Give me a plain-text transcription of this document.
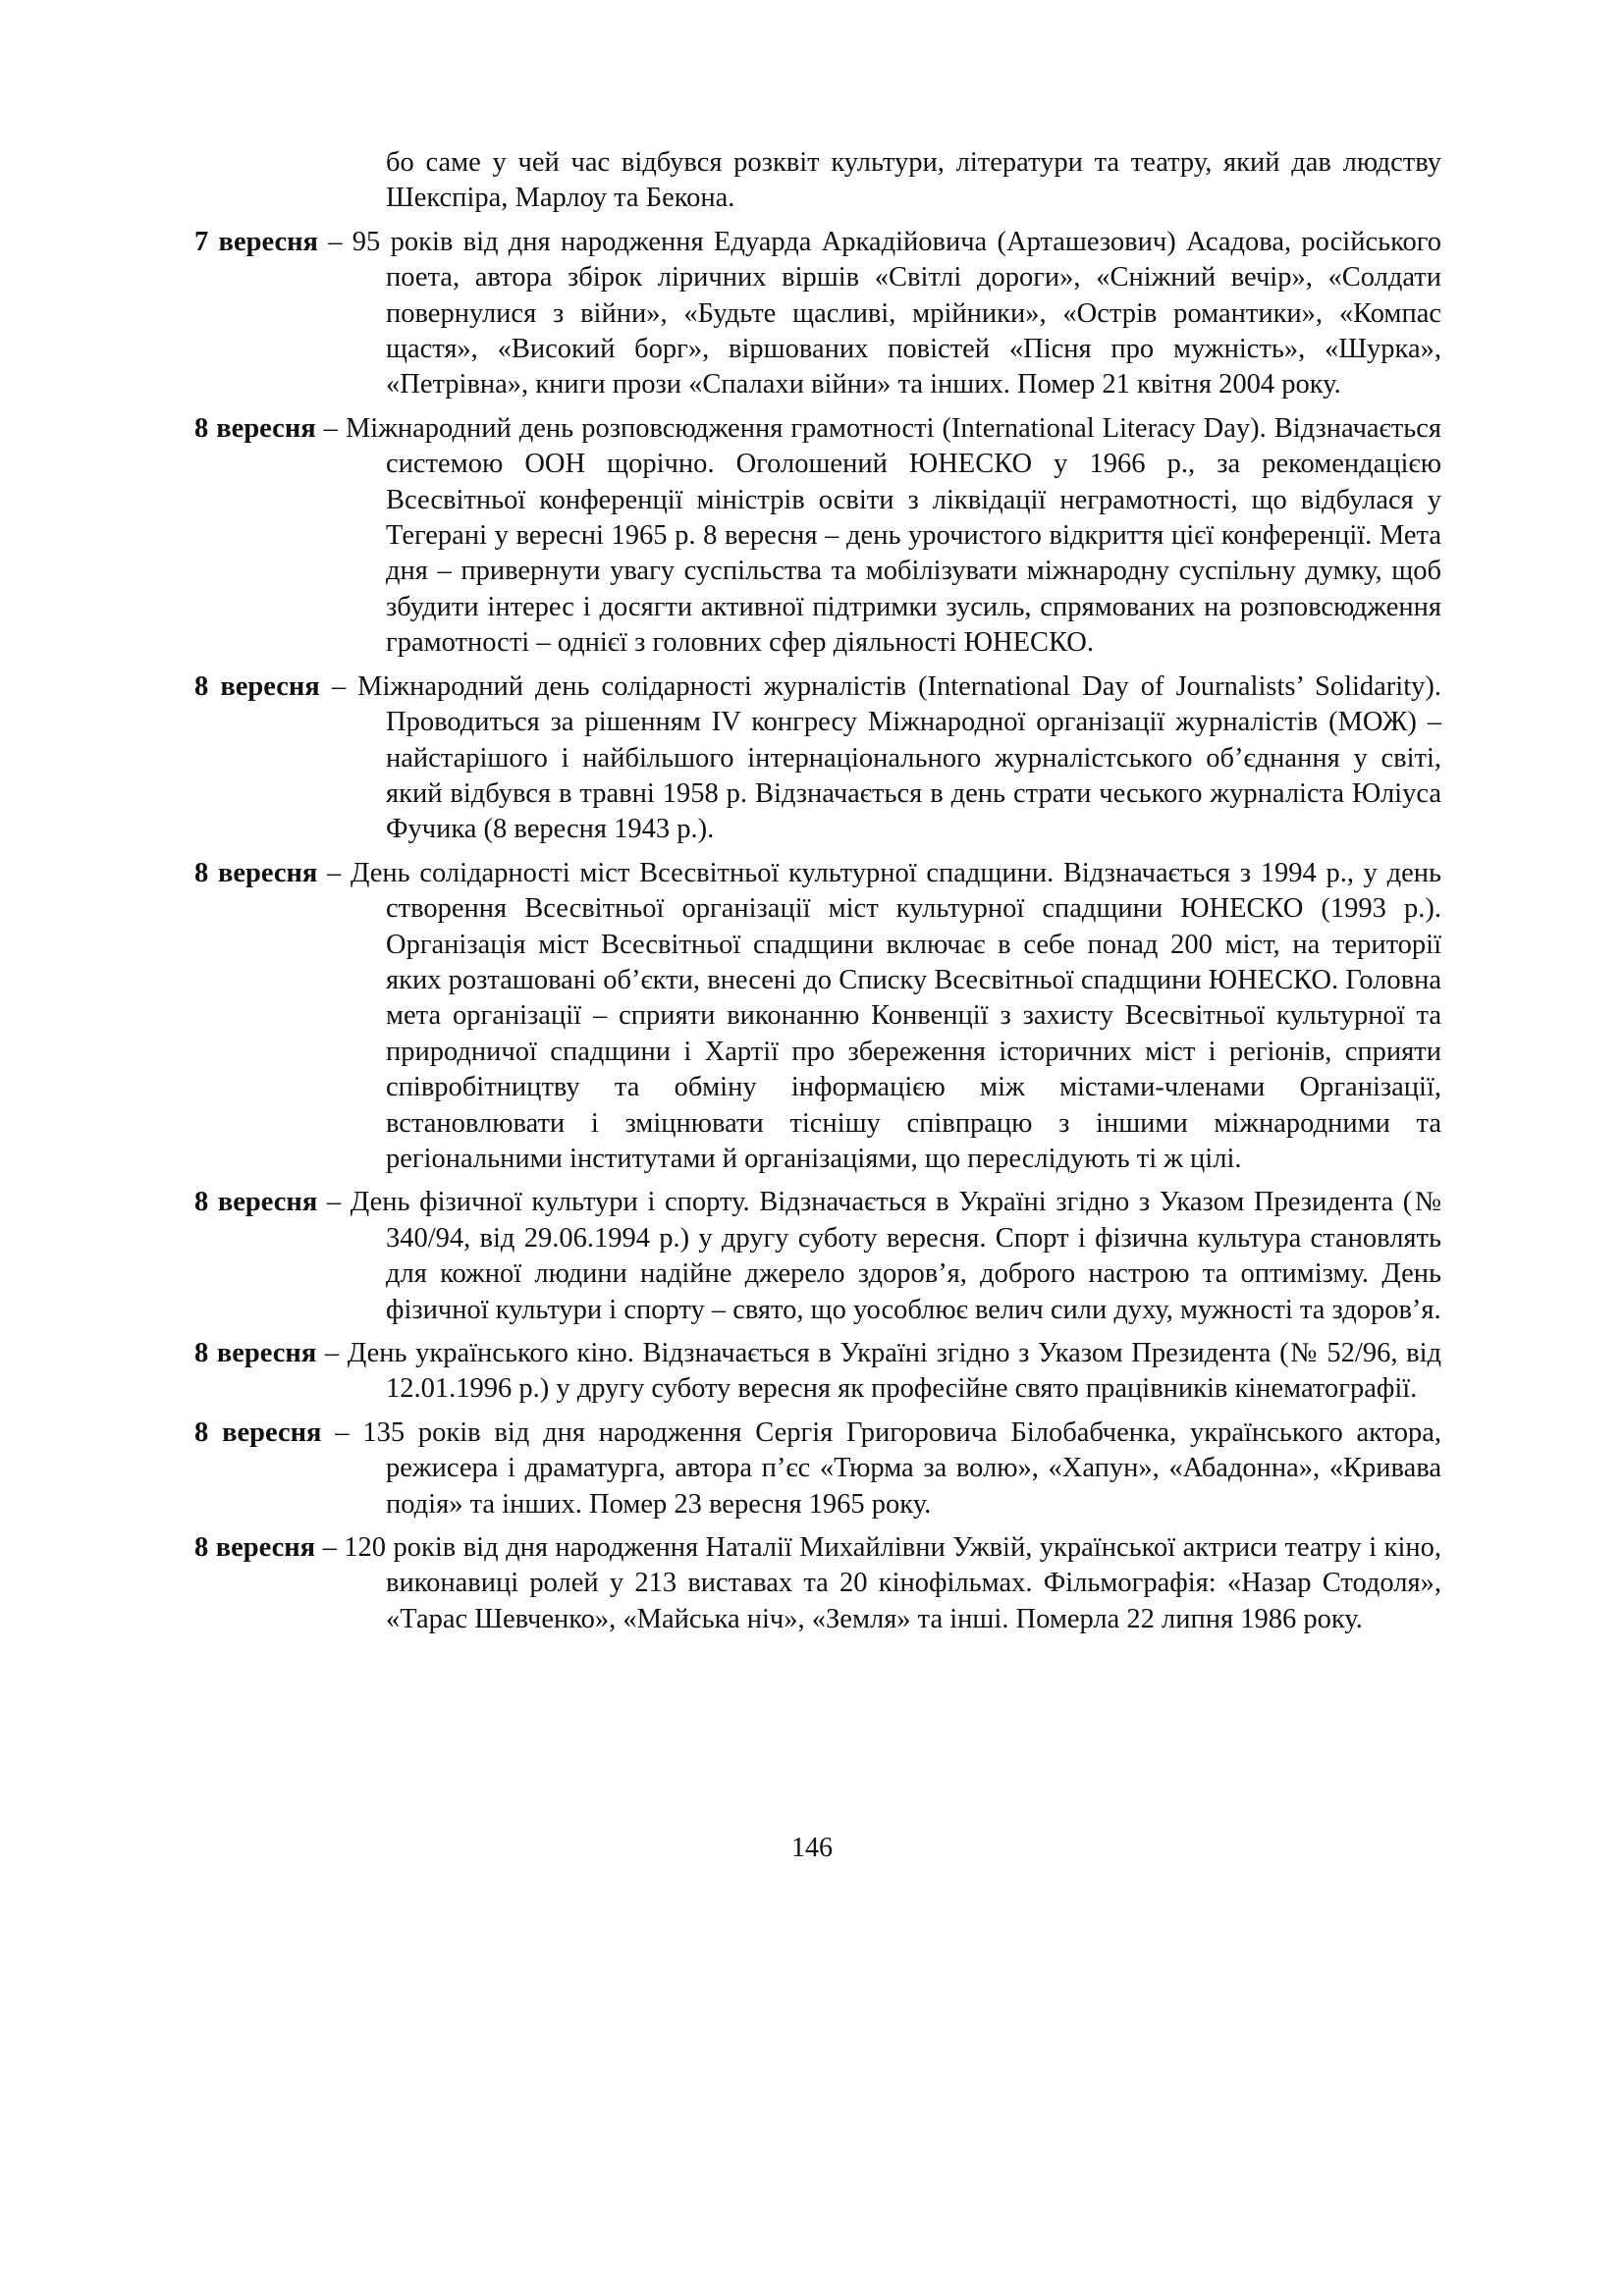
бо саме у чей час відбувся розквіт культури, літератури та театру, який дав людству Шекспіра, Марлоу та Бекона.

7 вересня – 95 років від дня народження Едуарда Аркадійовича (Арташезович) Асадова, російського поета, автора збірок ліричних віршів «Світлі дороги», «Сніжний вечір», «Солдати повернулися з війни», «Будьте щасливі, мрійники», «Острів романтики», «Компас щастя», «Високий борг», віршованих повістей «Пісня про мужність», «Шурка», «Петрівна», книги прози «Спалахи війни» та інших. Помер 21 квітня 2004 року.

8 вересня – Міжнародний день розповсюдження грамотності (International Literacy Day). Відзначається системою ООН щорічно. Оголошений ЮНЕСКО у 1966 р., за рекомендацією Всесвітньої конференції міністрів освіти з ліквідації неграмотності, що відбулася у Тегерані у вересні 1965 р. 8 вересня – день урочистого відкриття цієї конференції. Мета дня – привернути увагу суспільства та мобілізувати міжнародну суспільну думку, щоб збудити інтерес і досягти активної підтримки зусиль, спрямованих на розповсюдження грамотності – однієї з головних сфер діяльності ЮНЕСКО.

8 вересня – Міжнародний день солідарності журналістів (International Day of Journalists’ Solidarity). Проводиться за рішенням IV конгресу Міжнародної організації журналістів (МОЖ) – найстарішого і найбільшого інтернаціонального журналістського об’єднання у світі, який відбувся в травні 1958 р. Відзначається в день страти чеського журналіста Юліуса Фучика (8 вересня 1943 р.).

8 вересня – День солідарності міст Всесвітньої культурної спадщини. Відзначається з 1994 р., у день створення Всесвітньої організації міст культурної спадщини ЮНЕСКО (1993 р.). Організація міст Всесвітньої спадщини включає в себе понад 200 міст, на території яких розташовані об’єкти, внесені до Списку Всесвітньої спадщини ЮНЕСКО. Головна мета організації – сприяти виконанню Конвенції з захисту Всесвітньої культурної та природничої спадщини і Хартії про збереження історичних міст і регіонів, сприяти співробітництву та обміну інформацією між містами-членами Організації, встановлювати і зміцнювати тіснішу співпрацю з іншими міжнародними та регіональними інститутами й організаціями, що переслідують ті ж цілі.

8 вересня – День фізичної культури і спорту. Відзначається в Україні згідно з Указом Президента (№ 340/94, від 29.06.1994 р.) у другу суботу вересня. Спорт і фізична культура становлять для кожної людини надійне джерело здоров’я, доброго настрою та оптимізму. День фізичної культури і спорту – свято, що уособлює велич сили духу, мужності та здоров’я.

8 вересня – День українського кіно. Відзначається в Україні згідно з Указом Президента (№ 52/96, від 12.01.1996 р.) у другу суботу вересня як професійне свято працівників кінематографії.

8 вересня – 135 років від дня народження Сергія Григоровича Білобабченка, українського актора, режисера і драматурга, автора п’єс «Тюрма за волю», «Хапун», «Абадонна», «Кривава подія» та інших. Помер 23 вересня 1965 року.

8 вересня – 120 років від дня народження Наталії Михайлівни Ужвій, української актриси театру і кіно, виконавиці ролей у 213 виставах та 20 кінофільмах. Фільмографія: «Назар Стодоля», «Тарас Шевченко», «Майська ніч», «Земля» та інші. Померла 22 липня 1986 року.

146
